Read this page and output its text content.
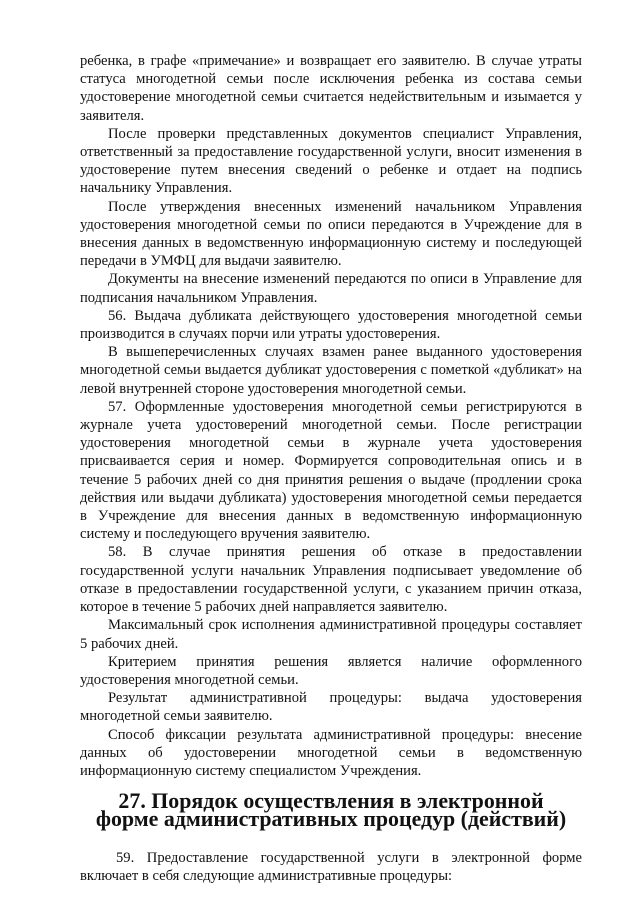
ребенка, в графе «примечание» и возвращает его заявителю. В случае утраты статуса многодетной семьи после исключения ребенка из состава семьи удостоверение многодетной семьи считается недействительным и изымается у заявителя.

После проверки представленных документов специалист Управления, ответственный за предоставление государственной услуги, вносит изменения в удостоверение путем внесения сведений о ребенке и отдает на подпись начальнику Управления.

После утверждения внесенных изменений начальником Управления удостоверения многодетной семьи по описи передаются в Учреждение для в внесения данных в ведомственную информационную систему и последующей передачи в УМФЦ для выдачи заявителю.

Документы на внесение изменений передаются по описи в Управление для подписания начальником Управления.

56. Выдача дубликата действующего удостоверения многодетной семьи производится в случаях порчи или утраты удостоверения.

В вышеперечисленных случаях взамен ранее выданного удостоверения многодетной семьи выдается дубликат удостоверения с пометкой «дубликат» на левой внутренней стороне удостоверения многодетной семьи.

57. Оформленные удостоверения многодетной семьи регистрируются в журнале учета удостоверений многодетной семьи. После регистрации удостоверения многодетной семьи в журнале учета удостоверения присваивается серия и номер. Формируется сопроводительная опись и в течение 5 рабочих дней со дня принятия решения о выдаче (продлении срока действия или выдачи дубликата) удостоверения многодетной семьи передается в Учреждение для внесения данных в ведомственную информационную систему и последующего вручения заявителю.

58. В случае принятия решения об отказе в предоставлении государственной услуги начальник Управления подписывает уведомление об отказе в предоставлении государственной услуги, с указанием причин отказа, которое в течение 5 рабочих дней направляется заявителю.

Максимальный срок исполнения административной процедуры составляет 5 рабочих дней.

Критерием принятия решения является наличие оформленного удостоверения многодетной семьи.

Результат административной процедуры: выдача удостоверения многодетной семьи заявителю.

Способ фиксации результата административной процедуры: внесение данных об удостоверении многодетной семьи в ведомственную информационную систему специалистом Учреждения.

27. Порядок осуществления в электронной форме административных процедур (действий)

59. Предоставление государственной услуги в электронной форме включает в себя следующие административные процедуры:
